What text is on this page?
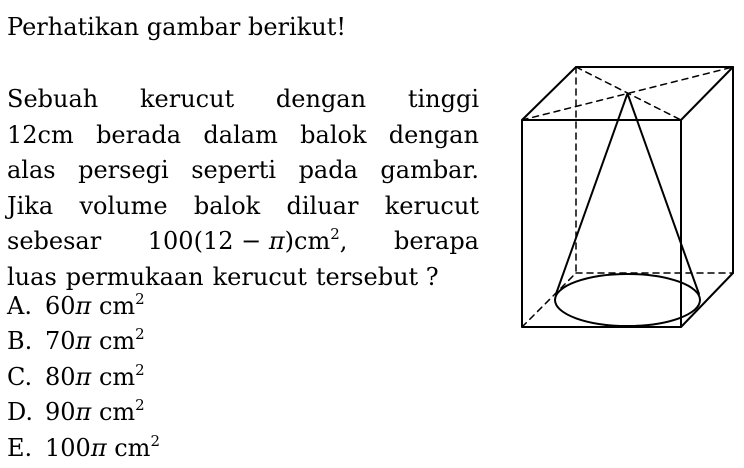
Perhatikan gambar berikut!
Sebuah kerucut dengan tinggi
12cm berada dalam balok dengan
alas persegi seperti pada gambar.
Jika volume balok diluar kerucut
sebesar $100(12 - \pi)cm^2$, berapa
luas permukaan kerucut tersebut ?
A. 60π $cm^2$
B. 70π $cm^2$
C. 80π $cm^2$
D. 90π $cm^2$
E. 100π $cm^2$
